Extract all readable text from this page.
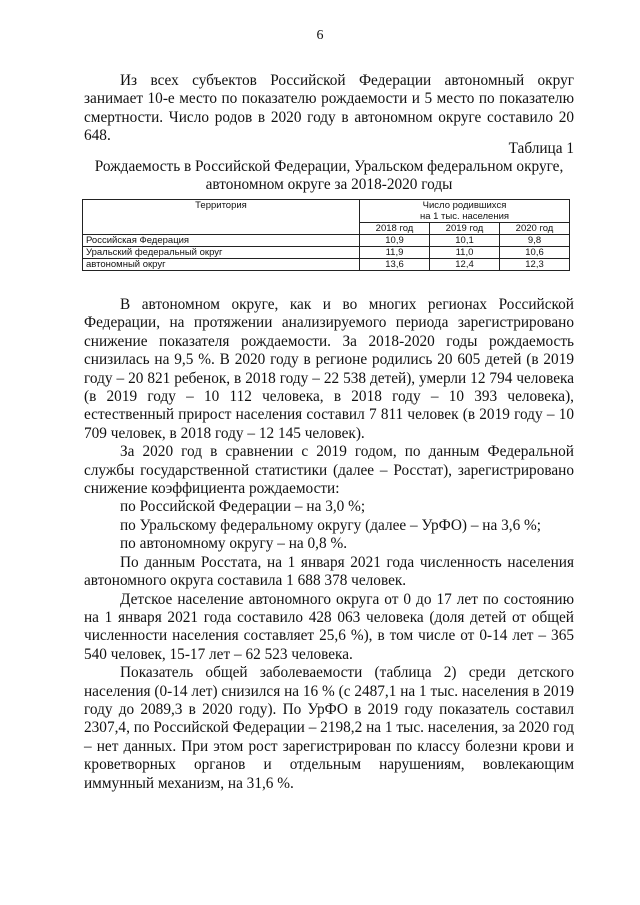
6

Из всех субъектов Российской Федерации автономный округ занимает 10-е место по показателю рождаемости и 5 место по показателю смертности. Число родов в 2020 году в автономном округе составило 20 648.

Таблица 1
Рождаемость в Российской Федерации, Уральском федеральном округе,
автономном округе за 2018-2020 годы
Территория	Число родившихся
на 1 тыс. населения		

	2018 год	2019 год	2020 год
Российская Федерация	10,9	10,1	9,8
Уральский федеральный округ	11,9	11,0	10,6
автономный округ	13,6	12,4	12,3

В автономном округе, как и во многих регионах Российской Федерации, на протяжении анализируемого периода зарегистрировано снижение показателя рождаемости. За 2018-2020 годы рождаемость снизилась на 9,5 %. В 2020 году в регионе родились 20 605 детей (в 2019 году – 20 821 ребенок, в 2018 году – 22 538 детей), умерли 12 794 человека (в 2019 году – 10 112 человека, в 2018 году – 10 393 человека), естественный прирост населения составил 7 811 человек (в 2019 году – 10 709 человек, в 2018 году – 12 145 человек).

За 2020 год в сравнении с 2019 годом, по данным Федеральной службы государственной статистики (далее – Росстат), зарегистрировано снижение коэффициента рождаемости:

по Российской Федерации – на 3,0 %;

по Уральскому федеральному округу (далее – УрФО) – на 3,6 %;

по автономному округу – на 0,8 %.

По данным Росстата, на 1 января 2021 года численность населения автономного округа составила 1 688 378 человек.

Детское население автономного округа от 0 до 17 лет по состоянию на 1 января 2021 года составило 428 063 человека (доля детей от общей численности населения составляет 25,6 %), в том числе от 0-14 лет – 365 540 человек, 15-17 лет – 62 523 человека.

Показатель общей заболеваемости (таблица 2) среди детского населения (0-14 лет) снизился на 16 % (с 2487,1 на 1 тыс. населения в 2019 году до 2089,3 в 2020 году). По УрФО в 2019 году показатель составил 2307,4, по Российской Федерации – 2198,2 на 1 тыс. населения, за 2020 год – нет данных. При этом рост зарегистрирован по классу болезни крови и кроветворных органов и отдельным нарушениям, вовлекающим иммунный механизм, на 31,6 %.
